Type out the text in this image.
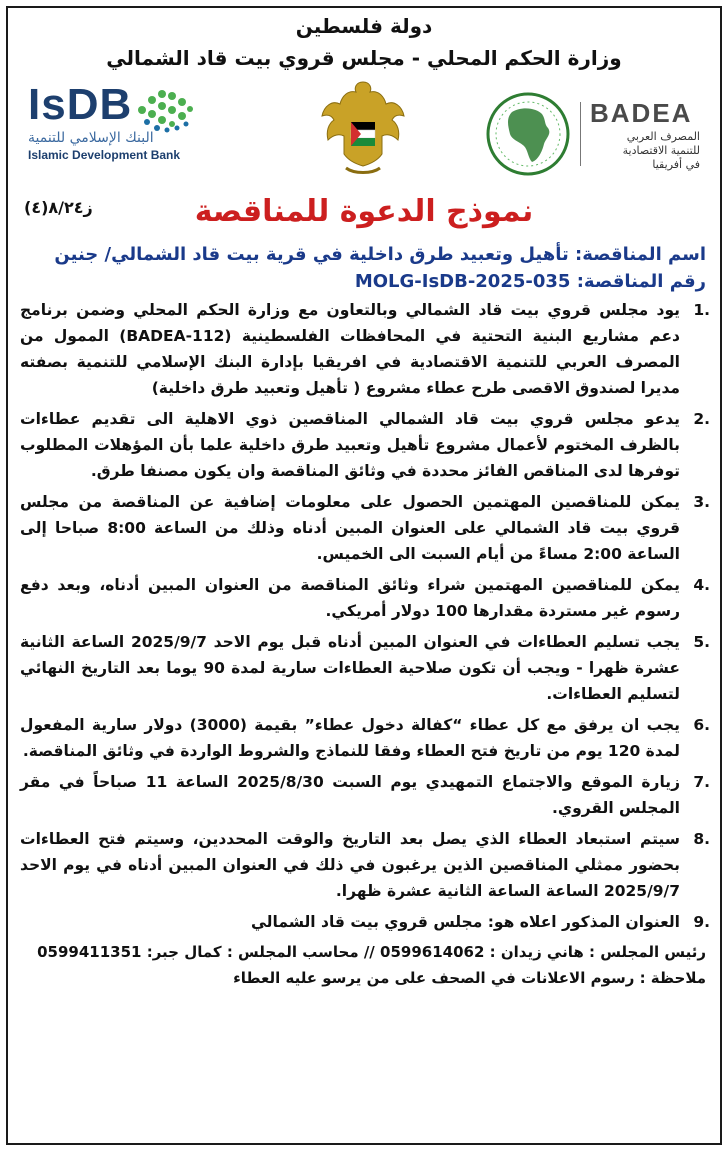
دولة فلسطين
وزارة الحكم المحلي - مجلس قروي بيت قاد الشمالي
IsDB
البنك الإسلامي للتنمية
Islamic Development Bank
BADEA
المصرف العربي
للتنمية الاقتصادية
في أفريقيا
نموذج الدعوة للمناقصة
ز٨/٢٤(٤)
اسم المناقصة: تأهيل وتعبيد طرق داخلية في قرية بيت قاد الشمالي/ جنين
رقم المناقصة: MOLG-IsDB-2025-035
1.
يود مجلس قروي بيت قاد الشمالي وبالتعاون مع وزارة الحكم المحلي وضمن برنامج دعم مشاريع البنية التحتية في المحافظات الفلسطينية (BADEA-112) الممول من المصرف العربي للتنمية الاقتصادية في افريقيا بإدارة البنك الإسلامي للتنمية بصفته مديرا لصندوق الاقصى طرح عطاء مشروع ( تأهيل وتعبيد طرق داخلية)
2.
يدعو مجلس قروي بيت قاد الشمالي المناقصين ذوي الاهلية الى تقديم عطاءات بالظرف المختوم لأعمال مشروع تأهيل وتعبيد طرق داخلية علما بأن المؤهلات المطلوب توفرها لدى المناقص الفائز محددة في وثائق المناقصة وان يكون مصنفا طرق.
3.
يمكن للمناقصين المهتمين الحصول على معلومات إضافية عن المناقصة من مجلس قروي بيت قاد الشمالي على العنوان المبين أدناه وذلك من الساعة 8:00 صباحا إلى الساعة 2:00 مساءً من أيام السبت الى الخميس.
4.
يمكن للمناقصين المهتمين شراء وثائق المناقصة من العنوان المبين أدناه، وبعد دفع رسوم غير مستردة مقدارها 100 دولار أمريكي.
5.
يجب تسليم العطاءات في العنوان المبين أدناه قبل يوم الاحد 2025/9/7 الساعة الثانية عشرة ظهرا - ويجب أن تكون صلاحية العطاءات سارية لمدة 90 يوما بعد التاريخ النهائي لتسليم العطاءات.
6.
يجب ان يرفق مع كل عطاء “كفالة دخول عطاء” بقيمة (3000) دولار سارية المفعول لمدة 120 يوم من تاريخ فتح العطاء وفقا للنماذج والشروط الواردة في وثائق المناقصة.
7.
زيارة الموقع والاجتماع التمهيدي يوم السبت 2025/8/30 الساعة 11 صباحاً في مقر المجلس القروي.
8.
سيتم استبعاد العطاء الذي يصل بعد التاريخ والوقت المحددين، وسيتم فتح العطاءات بحضور ممثلي المناقصين الذين يرغبون في ذلك في العنوان المبين أدناه في يوم الاحد 2025/9/7 الساعة الساعة الثانية عشرة ظهرا.
9.
العنوان المذكور اعلاه هو: مجلس قروي بيت قاد الشمالي
رئيس المجلس : هاني زيدان : 0599614062 // محاسب المجلس : كمال جبر: 0599411351
ملاحظة : رسوم الاعلانات في الصحف على من يرسو عليه العطاء
